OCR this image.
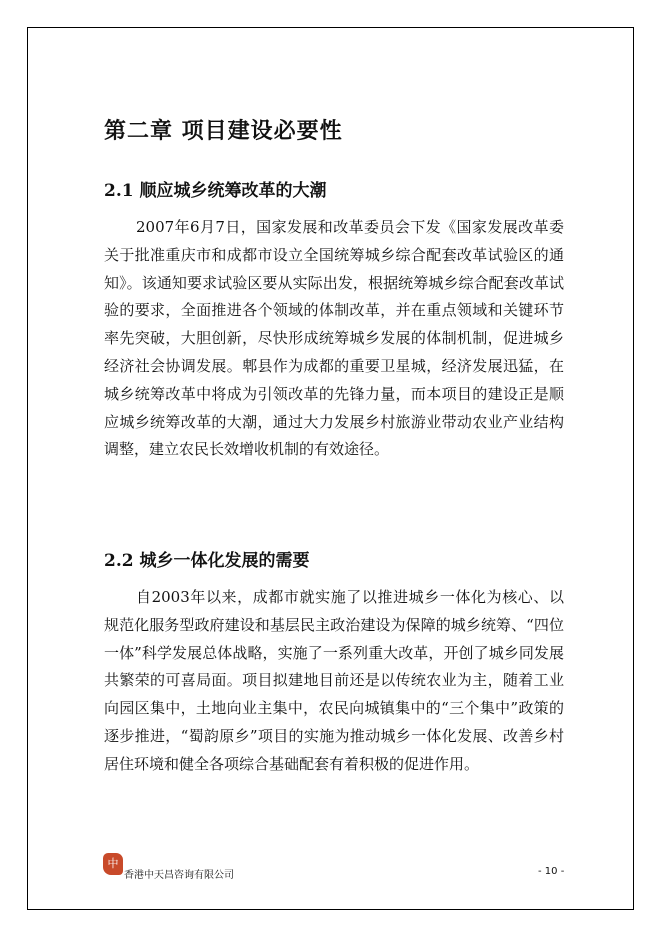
第二章 项目建设必要性
2.1 顺应城乡统筹改革的大潮

2007年6月7日，国家发展和改革委员会下发《国家发展改革委关于批准重庆市和成都市设立全国统筹城乡综合配套改革试验区的通知》。该通知要求试验区要从实际出发，根据统筹城乡综合配套改革试验的要求，全面推进各个领域的体制改革，并在重点领域和关键环节率先突破，大胆创新，尽快形成统筹城乡发展的体制机制，促进城乡经济社会协调发展。郫县作为成都的重要卫星城，经济发展迅猛，在城乡统筹改革中将成为引领改革的先锋力量，而本项目的建设正是顺应城乡统筹改革的大潮，通过大力发展乡村旅游业带动农业产业结构调整，建立农民长效增收机制的有效途径。

2.2 城乡一体化发展的需要

自2003年以来，成都市就实施了以推进城乡一体化为核心、以规范化服务型政府建设和基层民主政治建设为保障的城乡统筹、“四位一体”科学发展总体战略，实施了一系列重大改革，开创了城乡同发展共繁荣的可喜局面。项目拟建地目前还是以传统农业为主，随着工业向园区集中，土地向业主集中，农民向城镇集中的“三个集中”政策的逐步推进，“蜀韵原乡”项目的实施为推动城乡一体化发展、改善乡村居住环境和健全各项综合基础配套有着积极的促进作用。

中
香港中天昌咨询有限公司	- 10 -
